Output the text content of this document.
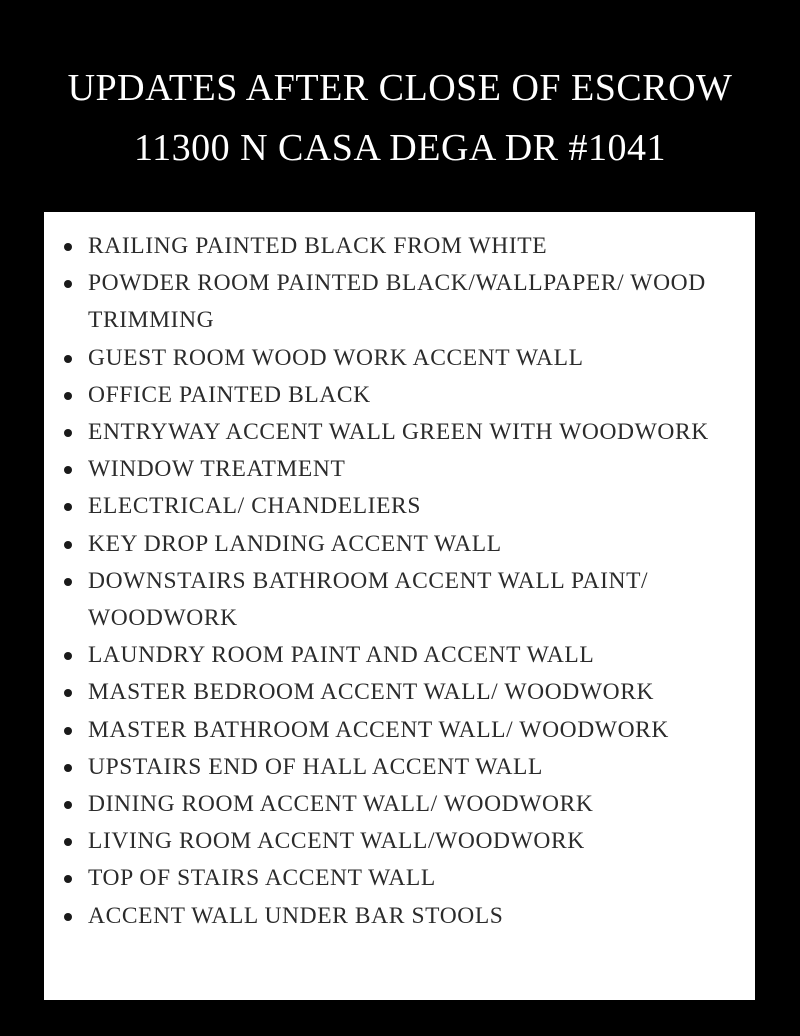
UPDATES AFTER CLOSE OF ESCROW
11300 N CASA DEGA DR #1041
RAILING PAINTED BLACK FROM WHITE
POWDER ROOM PAINTED BLACK/WALLPAPER/ WOOD TRIMMING
GUEST ROOM WOOD WORK ACCENT WALL
OFFICE PAINTED BLACK
ENTRYWAY ACCENT WALL GREEN WITH WOODWORK
WINDOW TREATMENT
ELECTRICAL/ CHANDELIERS
KEY DROP LANDING ACCENT WALL
DOWNSTAIRS BATHROOM ACCENT WALL PAINT/ WOODWORK
LAUNDRY ROOM PAINT AND ACCENT WALL
MASTER BEDROOM ACCENT WALL/ WOODWORK
MASTER BATHROOM ACCENT WALL/ WOODWORK
UPSTAIRS END OF HALL ACCENT WALL
DINING ROOM ACCENT WALL/ WOODWORK
LIVING ROOM ACCENT WALL/WOODWORK
TOP OF STAIRS ACCENT WALL
ACCENT WALL UNDER BAR STOOLS
